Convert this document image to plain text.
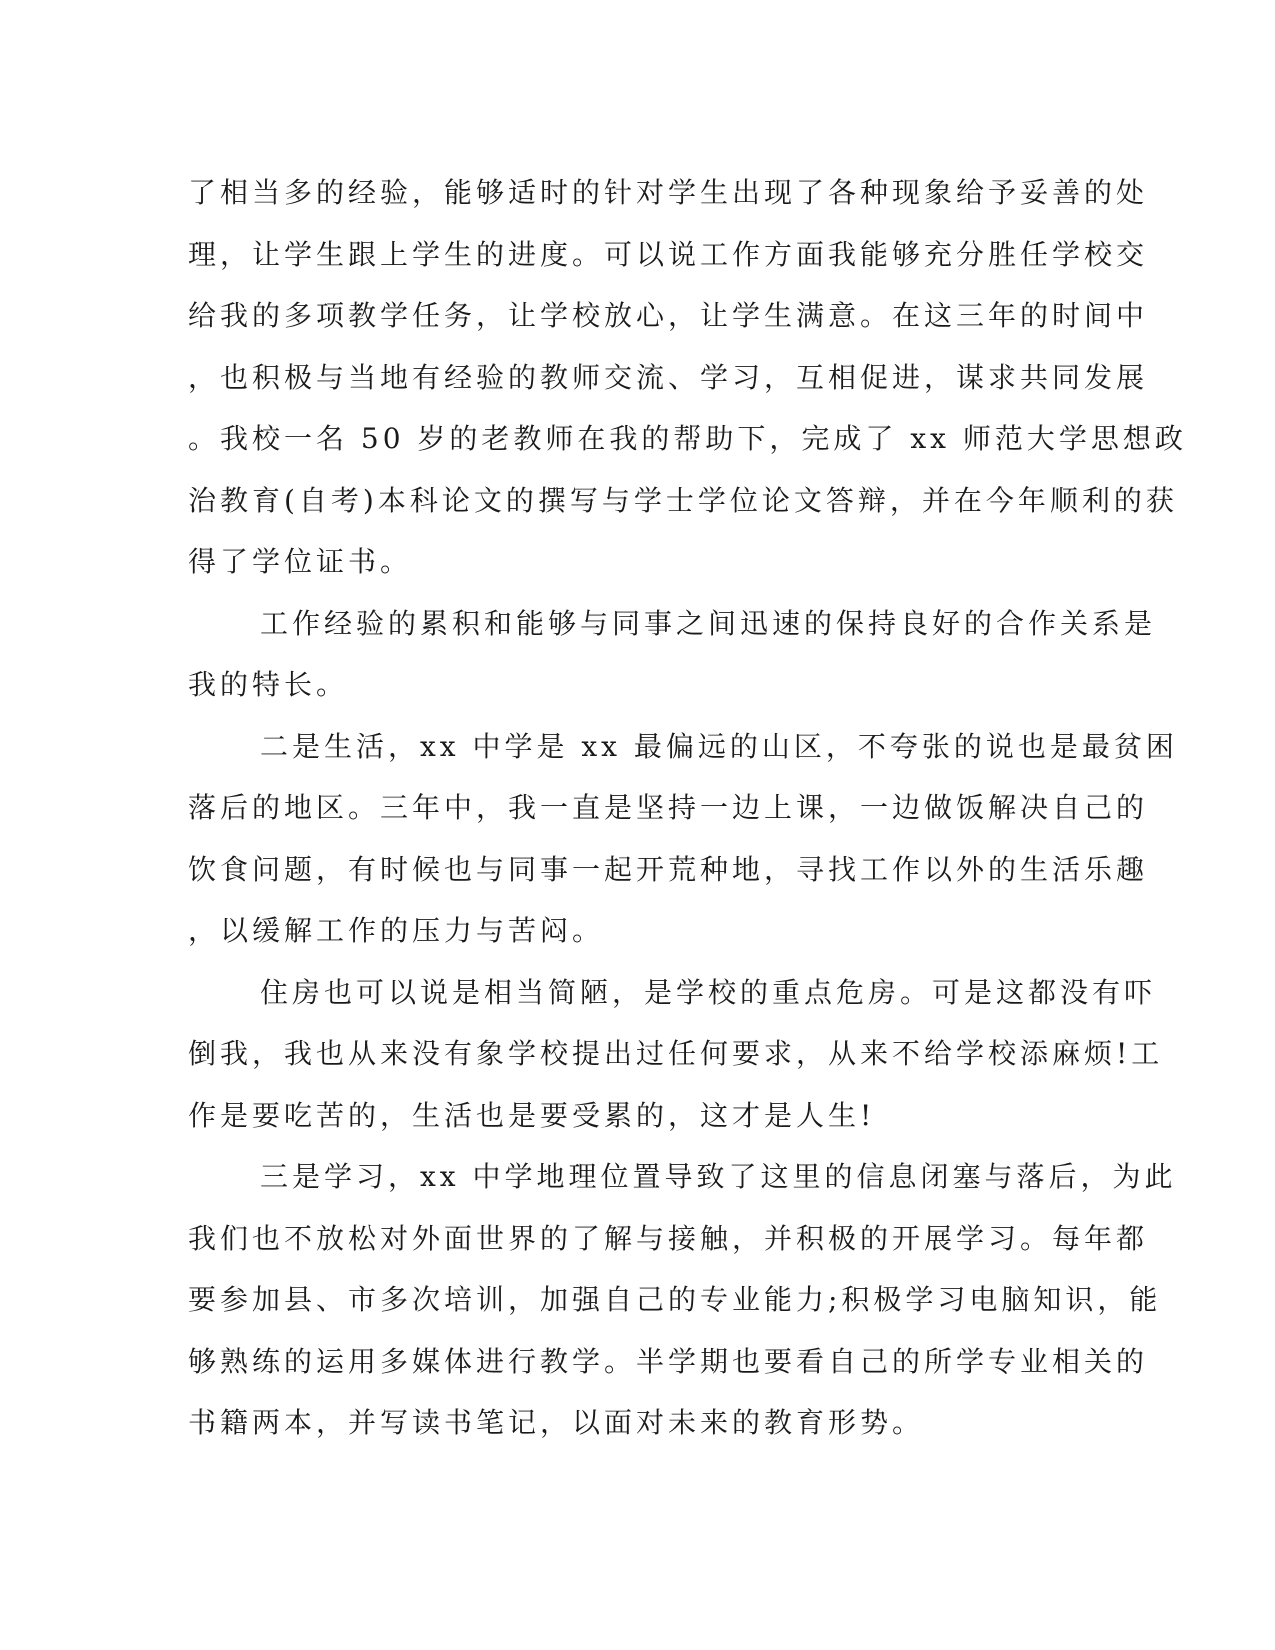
了相当多的经验，能够适时的针对学生出现了各种现象给予妥善的处
理，让学生跟上学生的进度。可以说工作方面我能够充分胜任学校交
给我的多项教学任务，让学校放心，让学生满意。在这三年的时间中
，也积极与当地有经验的教师交流、学习，互相促进，谋求共同发展
。我校一名 50 岁的老教师在我的帮助下，完成了 xx 师范大学思想政
治教育(自考)本科论文的撰写与学士学位论文答辩，并在今年顺利的获
得了学位证书。
工作经验的累积和能够与同事之间迅速的保持良好的合作关系是
我的特长。
二是生活，xx 中学是 xx 最偏远的山区，不夸张的说也是最贫困
落后的地区。三年中，我一直是坚持一边上课，一边做饭解决自己的
饮食问题，有时候也与同事一起开荒种地，寻找工作以外的生活乐趣
，以缓解工作的压力与苦闷。
住房也可以说是相当简陋，是学校的重点危房。可是这都没有吓
倒我，我也从来没有象学校提出过任何要求，从来不给学校添麻烦!工
作是要吃苦的，生活也是要受累的，这才是人生!
三是学习，xx 中学地理位置导致了这里的信息闭塞与落后，为此
我们也不放松对外面世界的了解与接触，并积极的开展学习。每年都
要参加县、市多次培训，加强自己的专业能力;积极学习电脑知识，能
够熟练的运用多媒体进行教学。半学期也要看自己的所学专业相关的
书籍两本，并写读书笔记，以面对未来的教育形势。
